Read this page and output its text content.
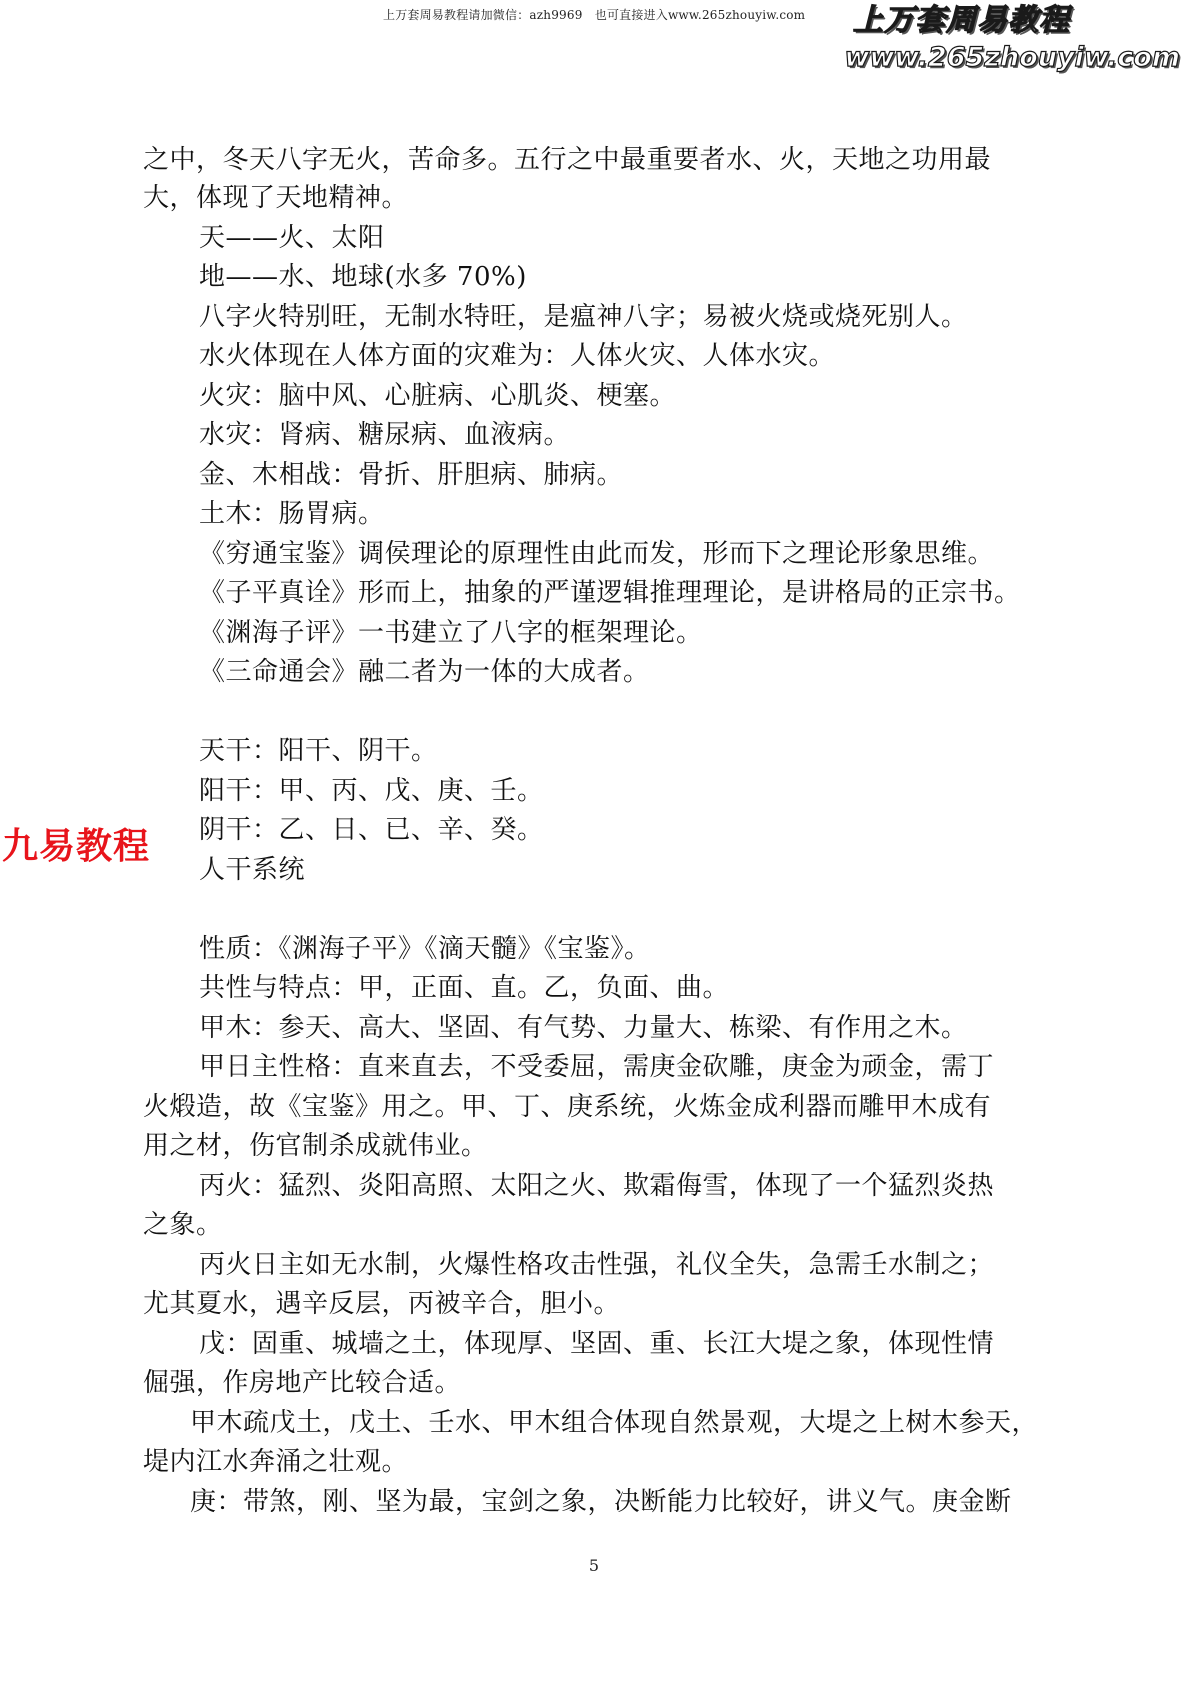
上万套周易教程请加微信：azh9969　也可直接进入www.265zhouyiw.com	上万套周易教程
www.265zhouyiw.com
九易教程
之中，冬天八字无火，苦命多。五行之中最重要者水、火，天地之功用最
大，体现了天地精神。
天——火、太阳
地——水、地球(水多 70%)
八字火特别旺，无制水特旺，是瘟神八字；易被火烧或烧死别人。
水火体现在人体方面的灾难为：人体火灾、人体水灾。
火灾：脑中风、心脏病、心肌炎、梗塞。
水灾：肾病、糖尿病、血液病。
金、木相战：骨折、肝胆病、肺病。
土木：肠胃病。
《穷通宝鉴》调侯理论的原理性由此而发，形而下之理论形象思维。
《子平真诠》形而上，抽象的严谨逻辑推理理论，是讲格局的正宗书。
《渊海子评》一书建立了八字的框架理论。
《三命通会》融二者为一体的大成者。
天干：阳干、阴干。
阳干：甲、丙、戊、庚、壬。
阴干：乙、日、已、辛、癸。
人干系统
性质：《渊海子平》《滴天髓》《宝鉴》。
共性与特点：甲，正面、直。乙，负面、曲。
甲木：参天、高大、坚固、有气势、力量大、栋梁、有作用之木。
甲日主性格：直来直去，不受委屈，需庚金砍雕，庚金为顽金，需丁
火煅造，故《宝鉴》用之。甲、丁、庚系统，火炼金成利器而雕甲木成有
用之材，伤官制杀成就伟业。
丙火：猛烈、炎阳高照、太阳之火、欺霜侮雪，体现了一个猛烈炎热
之象。
丙火日主如无水制，火爆性格攻击性强，礼仪全失，急需壬水制之；
尤其夏水，遇辛反层，丙被辛合，胆小。
戊：固重、城墙之土，体现厚、坚固、重、长江大堤之象，体现性情
倔强，作房地产比较合适。
甲木疏戊土，戊土、壬水、甲木组合体现自然景观，大堤之上树木参天，
堤内江水奔涌之壮观。
庚：带煞，刚、坚为最，宝剑之象，决断能力比较好，讲义气。庚金断
5
